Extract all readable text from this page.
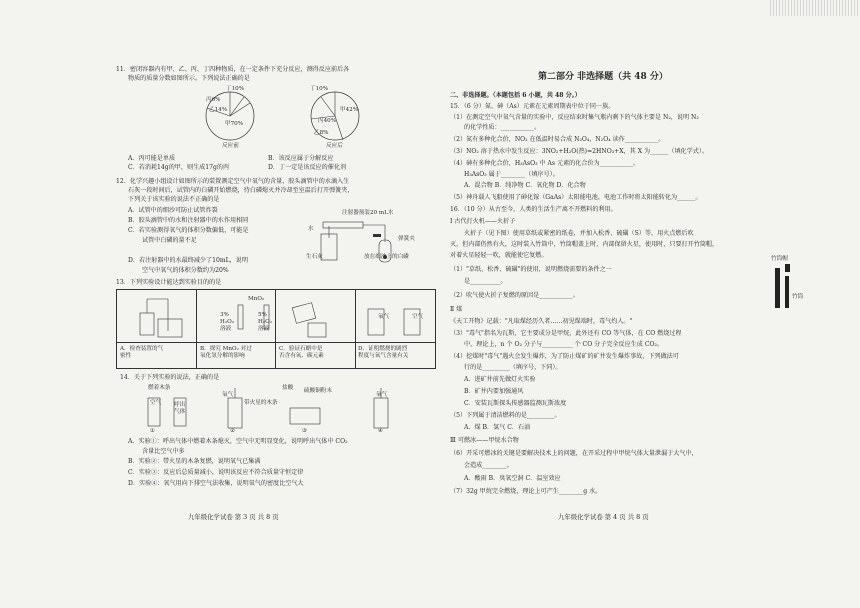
11．密闭容器内有甲、乙、丙、丁四种物质，在一定条件下充分反应，测得反应前后各
物质的质量分数如图所示。下列说法正确的是
丁10%
丙6%
乙14%
甲70%
反应前
丁10%
甲42%
丙40%
乙8%
反应后
A．丙可能是单质	B．该反应属于分解反应
C．若消耗14g的甲，则生成17g的丙	D．丁一定是该反应的催化剂
12．化学兴趣小组设计如图所示的装置测定空气中氧气的含量，胶头滴管中的水滴入生
石灰一段时间后，试管内的白磷开始燃烧，待白磷熄灭并冷却至室温后打开弹簧夹，
下列关于该实验的说法不正确的是
A．试管中的细沙可防止试管炸裂
B．胶头滴管中的水和注射器中的水作用相同
C．若实验测得氧气的体积分数偏低，可能是
试管中白磷的量不足
D．若注射器中的水最终减少了10mL，说明
空气中氧气的体积分数约为20%
注射器预装20 mL水
水
弹簧夹
生石灰	放在细沙上的白磷
13．下列实验设计能达到实验目的的是
MnO₂
3%	5%
H₂O₂	H₂O₂
溶液	溶液
氧气	空气
A．检查装置的气
密性
B．探究 MnO₂ 对过
氧化氢分解的影响
C．验证石蜡中是
否含有氧、碳元素
D．证明燃烧的剧烈
程度与氧气含量有关
14．关于下列实验的说法，正确的是
燃着木条
空气 呼出
气体
氧气
带火星的木条
盐酸 硫酸铜粉末
氧气
①	②	③	④
A．实验①：呼出气体中燃着木条熄灭，空气中无明显变化，说明呼出气体中 CO₂
含量比空气中多
B．实验②：带火星的木条复燃，说明氧气已集满
C．实验③：反应后总质量减小，说明该反应不符合质量守恒定律
D．实验④：氧气用向下排空气法收集，说明氧气的密度比空气大
九年级化学试卷 第 3 页 共 8 页
第二部分 非选择题（共 48 分）
二、非选择题。（本题包括 6 小题，共 48 分。）
15．（6 分）氮、砷（As）元素在元素周期表中位于同一族。
（1）在测定空气中氧气含量的实验中，反应结束时集气瓶内剩下的气体主要是 N₂，说明 N₂
的化学性质：___________。
（2）氮有多种化合价，NO₂ 在低温时易合成 N₂O₄，N₂O₄ 读作___________。
（3）NO₂ 溶于热水中发生反应：3NO₂+H₂O(热)=2HNO₃+X，其 X 为______（填化学式）。
（4）砷有多种化合价，H₃AsO₃ 中 As 元素的化合价为___________。
H₃AsO₃ 属于________（填序号）。
A．混合物 B．纯净物 C．氧化物 D．化合物
（5）神舟载人飞船使用了砷化镓（GaAs）太阳能电池，电池工作时将太阳能转化为______。
16．（10 分）从古至今，人类的生活生产离不开燃料的利用。
Ⅰ 古代打火机——火折子
火折子（见下图）使用草纸或紧密的纸卷，并加入松香、硫磺（S）等，用火点燃后吹
灭，但内部仍然有火，这时装入竹筒中，竹筒帽盖上时，内部保留火星，使用时，只要打开竹筒帽，
对着火星轻轻一吹，就能使它复燃。	竹筒帽
竹筒
（1）"草纸、松香、硫磺"的使用，说明燃烧需要的条件之一
是__________。
（2）吹气使火折子复燃的原因是___________。
Ⅱ 煤
《天工开物》记载："凡取煤经历久者……初见煤端时，毒气灼人。"
（3）"毒气"指名为瓦斯，它主要成分是甲烷，此外还有 CO 等气体，在 CO 燃烧过程
中，理论上，n 个 O₂ 分子与__________ 个 CO 分子完全反应生成 CO₂。
（4）挖煤时"毒气"遇火会发生爆炸，为了防止煤矿的矿井发生爆炸事故，下列做法可
行的是_________（填序号，下同）。
A．进矿井前先做灯火实验
B．矿井内要加强通风
C．安装瓦斯探头传感器监测瓦斯浓度
（5）下列属于清洁燃料的是_________。
A．煤 B．氢气 C．石油
Ⅲ 可燃冰——甲烷水合物
（6）开采可燃冰的关键是要解决技术上的问题，在开采过程中甲烷气体大量泄漏于大气中，
会造成________。
A．酸雨 B．臭氧空洞 C．温室效应
（7）32g 甲烷完全燃烧，理论上可产生________g 水。
九年级化学试卷 第 4 页 共 8 页
